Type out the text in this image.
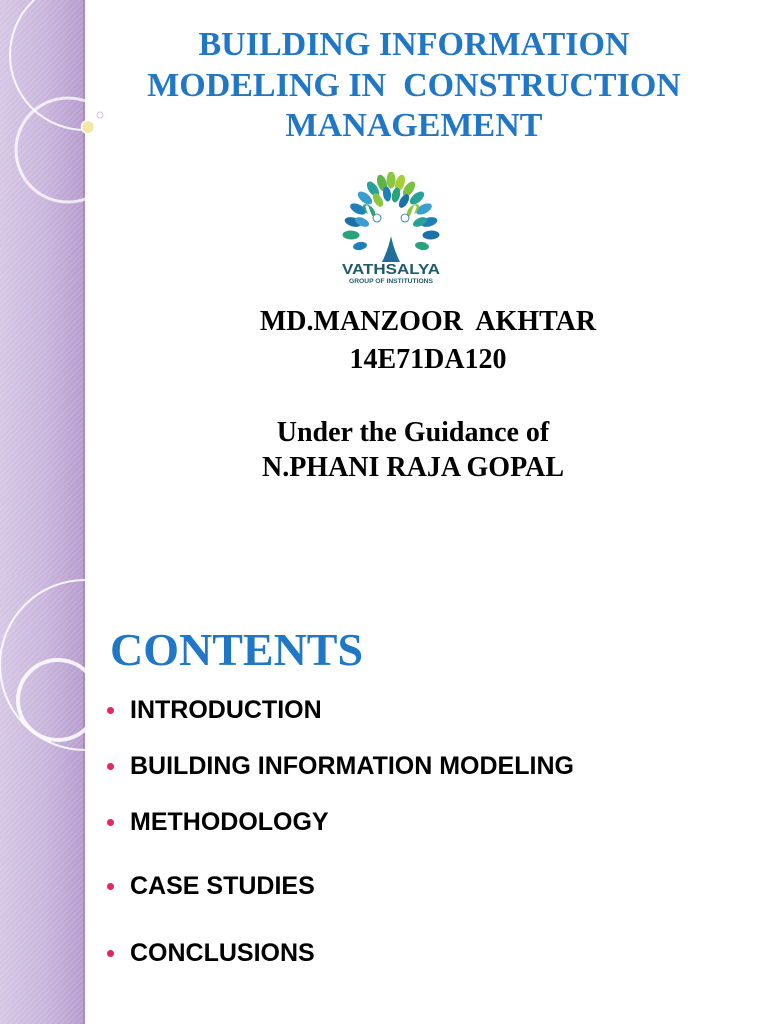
BUILDING INFORMATION
MODELING IN  CONSTRUCTION
MANAGEMENT
VATHSALYA
GROUP OF INSTITUTIONS
MD.MANZOOR  AKHTAR
14E71DA120
Under the Guidance of
N.PHANI RAJA GOPAL
CONTENTS
INTRODUCTION
BUILDING INFORMATION MODELING
METHODOLOGY
CASE STUDIES
CONCLUSIONS
